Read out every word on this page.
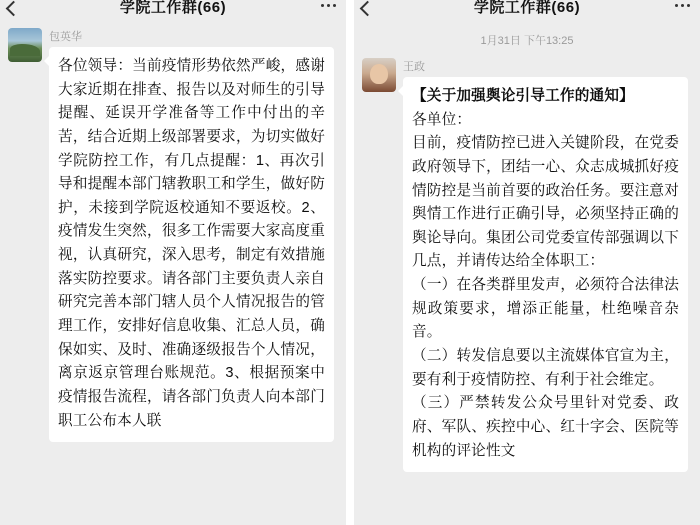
学院工作群(66)
包英华

各位领导：当前疫情形势依然严峻，感谢大家近期在排查、报告以及对师生的引导提醒、延误开学准备等工作中付出的辛苦，结合近期上级部署要求，为切实做好学院防控工作，有几点提醒：1、再次引导和提醒本部门辖教职工和学生，做好防护，未接到学院返校通知不要返校。2、疫情发生突然，很多工作需要大家高度重视，认真研究，深入思考，制定有效措施落实防控要求。请各部门主要负责人亲自研究完善本部门辖人员个人情况报告的管理工作，安排好信息收集、汇总人员，确保如实、及时、准确逐级报告个人情况，离京返京管理台账规范。3、根据预案中疫情报告流程，请各部门负责人向本部门职工公布本人联

学院工作群(66)
1月31日 下午13:25
王政

【关于加强舆论引导工作的通知】

各单位：

目前，疫情防控已进入关键阶段，在党委政府领导下，团结一心、众志成城抓好疫情防控是当前首要的政治任务。要注意对舆情工作进行正确引导，必须坚持正确的舆论导向。集团公司党委宣传部强调以下几点，并请传达给全体职工：

（一）在各类群里发声，必须符合法律法规政策要求，增添正能量，杜绝噪音杂音。

（二）转发信息要以主流媒体官宣为主，要有利于疫情防控、有利于社会维定。

（三）严禁转发公众号里针对党委、政府、军队、疾控中心、红十字会、医院等机构的评论性文
